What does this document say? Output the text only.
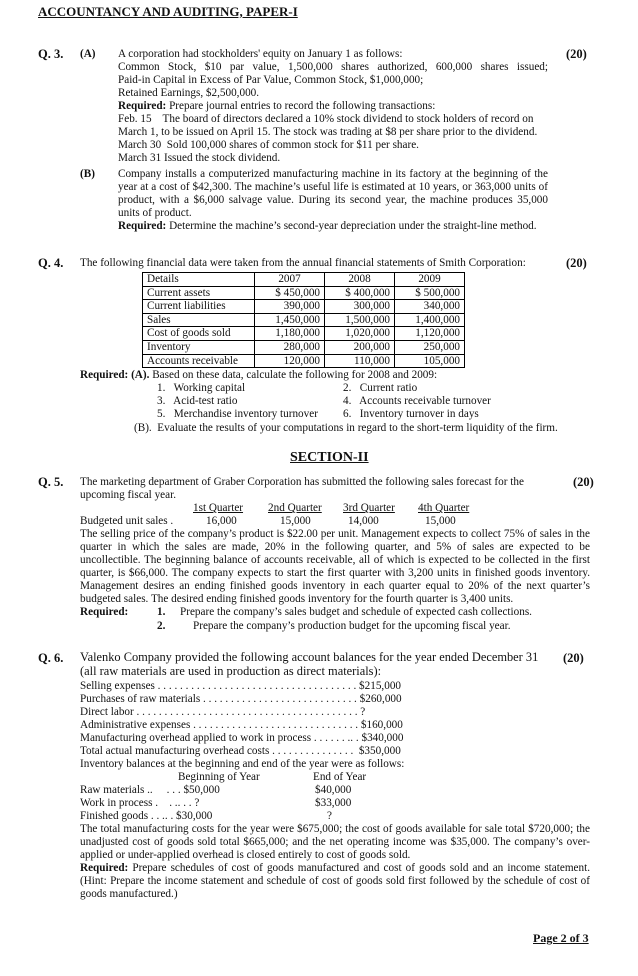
ACCOUNTANCY AND AUDITING, PAPER-I
Q. 3. (A)	(20)
A corporation had stockholders' equity on January 1 as follows:
Common Stock, $10 par value, 1,500,000 shares authorized, 600,000 shares issued;
Paid-in Capital in Excess of Par Value, Common Stock, $1,000,000;
Retained Earnings, $2,500,000.
Required: Prepare journal entries to record the following transactions:
Feb. 15    The board of directors declared a 10% stock dividend to stock holders of record on
March 1, to be issued on April 15. The stock was trading at $8 per share prior to the dividend.
March 30  Sold 100,000 shares of common stock for $11 per share.
March 31 Issued the stock dividend.
(B) Company installs a computerized manufacturing machine in its factory at the beginning of the year at a cost of $42,300. The machine’s useful life is estimated at 10 years, or 363,000 units of product, with a $6,000 salvage value. During its second year, the machine produces 35,000 units of product.
Required: Determine the machine’s second-year depreciation under the straight-line method.
Q. 4. The following financial data were taken from the annual financial statements of Smith Corporation:	(20)
Details	2007	2008	2009
Current assets	$ 450,000	$ 400,000	$ 500,000
Current liabilities	390,000	300,000	340,000
Sales	1,450,000	1,500,000	1,400,000
Cost of goods sold	1,180,000	1,020,000	1,120,000
Inventory	280,000	200,000	250,000
Accounts receivable	120,000	110,000	105,000
Required: (A). Based on these data, calculate the following for 2008 and 2009:
1.   Working capital	2.   Current ratio
3.   Acid-test ratio	4.   Accounts receivable turnover
5.   Merchandise inventory turnover 6.   Inventory turnover in days
(B).  Evaluate the results of your computations in regard to the short-term liquidity of the firm.
SECTION-II
Q. 5. The marketing department of Graber Corporation has submitted the following sales forecast for the
upcoming fiscal year.
(20)
1st Quarter 2nd Quarter 3rd Quarter 4th Quarter
Budgeted unit sales .	16,000	15,000	14,000	15,000
The selling price of the company’s product is $22.00 per unit. Management expects to collect 75% of sales in the quarter in which the sales are made, 20% in the following quarter, and 5% of sales are expected to be uncollectible. The beginning balance of accounts receivable, all of which is expected to be collected in the first quarter, is $66,000. The company expects to start the first quarter with 3,200 units in finished goods inventory. Management desires an ending finished goods inventory in each quarter equal to 20% of the next quarter’s budgeted sales. The desired ending finished goods inventory for the fourth quarter is 3,400 units.
Required:	1. Prepare the company’s sales budget and schedule of expected cash collections.
2. Prepare the company’s production budget for the upcoming fiscal year.
Q. 6. Valenko Company provided the following account balances for the year ended December 31
(all raw materials are used in production as direct materials):
(20)
Selling expenses . . . . . . . . . . . . . . . . . . . . . . . . . . . . . . . . . . . . $215,000
Purchases of raw materials . . . . . . . . . . . . . . . . . . . . . . . . . . . . $260,000
Direct labor . . . . . . . . . . . . . . . . . . . . . . . . . . . . . . . . . . . . . . . . ?
Administrative expenses . . . . . . . . . . . . . . . . . . . . . . . . . . . . . . $160,000
Manufacturing overhead applied to work in process . . . . . . .. . $340,000
Total actual manufacturing overhead costs . . . . . . . . . . . . . . .  $350,000
Inventory balances at the beginning and end of the year were as follows:
Beginning of Year	End of Year
Raw materials ..     . . . $50,000	$40,000
Work in process .    . .. . . ?	$33,000
Finished goods . . .. . $30,000	?
The total manufacturing costs for the year were $675,000; the cost of goods available for sale total $720,000; the unadjusted cost of goods sold total $665,000; and the net operating income was $35,000. The company’s over-applied or under-applied overhead is closed entirely to cost of goods sold.
Required: Prepare schedules of cost of goods manufactured and cost of goods sold and an income statement. (Hint: Prepare the income statement and schedule of cost of goods sold first followed by the schedule of cost of goods manufactured.)
Page 2 of 3
